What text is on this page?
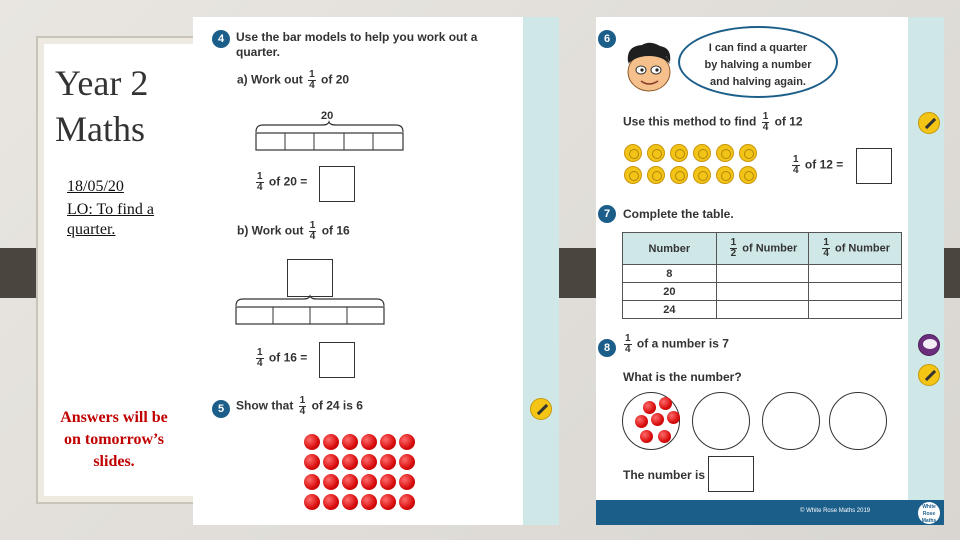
Year 2
Maths
18/05/20
LO: To find a quarter.
Answers will be on tomorrow’s slides.
© White Rose Maths 2019
White Rose Maths
4 Use the bar models to help you work out a quarter.
a) Work out $\frac{1}{4}$ of 20
20
$\frac{1}{4}$ of 20 =
b) Work out $\frac{1}{4}$ of 16
$\frac{1}{4}$ of 16 =
5 Show that $\frac{1}{4}$ of 24 is 6
6
I can find a quarter
by halving a number
and halving again.
Use this method to find $\frac{1}{4}$ of 12
$\frac{1}{4}$ of 12 =
7	Complete the table.
Number	$\frac{1}{2}$ of Number	$\frac{1}{4}$ of Number
8		
20		
24		
8	$\frac{1}{4}$ of a number is 7
What is the number?
The number is
